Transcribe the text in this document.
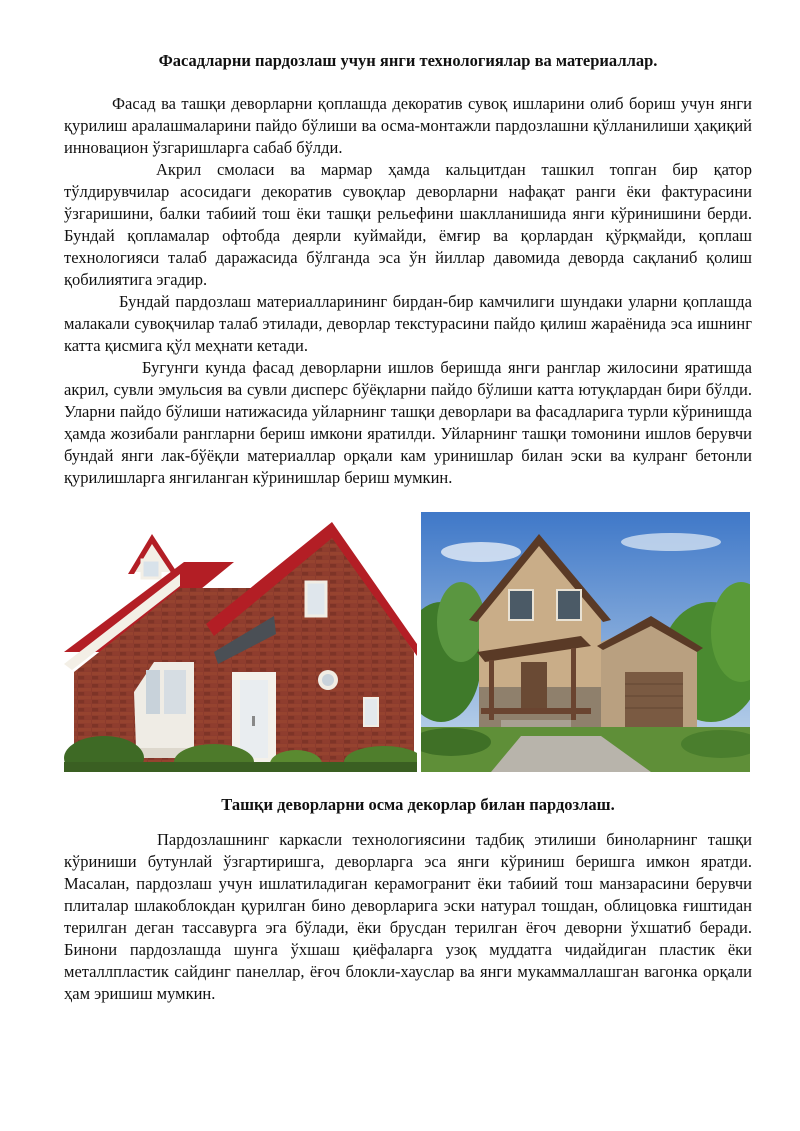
Фасадларни пардозлаш учун янги технологиялар ва материаллар.

Фасад ва ташқи деворларни қоплашда декоратив сувоқ ишларини олиб бориш учун янги қурилиш аралашмаларини пайдо бўлиши ва осма-монтажли пардозлашни қўлланилиши ҳақиқий инновацион ўзгаришларга сабаб бўлди.

Акрил смоласи ва мармар ҳамда кальцитдан ташкил топган бир қатор тўлдирувчилар асосидаги декоратив сувоқлар деворларни нафақат ранги ёки фактурасини ўзгаришини, балки табиий тош ёки ташқи рельефини шаклланишида янги кўринишини берди. Бундай қопламалар офтобда деярли куймайди, ёмғир ва қорлардан қўрқмайди, қоплаш технологияси талаб даражасида бўлганда эса ўн йиллар давомида деворда сақланиб қолиш қобилиятига эгадир.

Бундай пардозлаш материалларининг бирдан-бир камчилиги шундаки уларни қоплашда малакали сувоқчилар талаб этилади, деворлар текстурасини пайдо қилиш жараёнида эса ишнинг катта қисмига қўл меҳнати кетади.

Бугунги кунда фасад деворларни ишлов беришда янги ранглар жилосини яратишда акрил, сувли эмульсия ва сувли дисперс бўёқларни пайдо бўлиши катта ютуқлардан бири бўлди. Уларни пайдо бўлиши натижасида уйларнинг ташқи деворлари ва фасадларига турли кўринишда ҳамда жозибали рангларни бериш имкони яратилди. Уйларнинг ташқи томонини ишлов берувчи бундай янги лак-бўёқли материаллар орқали кам уринишлар билан эски ва кулранг бетонли қурилишларга янгиланган кўринишлар бериш мумкин.

Ташқи деворларни осма декорлар билан пардозлаш.

Пардозлашнинг каркасли технологиясини тадбиқ этилиши биноларнинг ташқи кўриниши бутунлай ўзгартиришга, деворларга эса янги кўриниш беришга имкон яратди. Масалан, пардозлаш учун ишлатиладиган керамогранит ёки табиий тош манзарасини берувчи плиталар шлакоблокдан қурилган бино деворларига эски натурал тошдан, облицовка ғиштидан терилган деган тассавурга эга бўлади, ёки брусдан терилган ёғоч деворни ўхшатиб беради. Бинони пардозлашда шунга ўхшаш қиёфаларга узоқ муддатга чидайдиган пластик ёки металлпластик сайдинг панеллар, ёғоч блокли-хауслар ва янги мукаммаллашган вагонка орқали ҳам эришиш мумкин.
